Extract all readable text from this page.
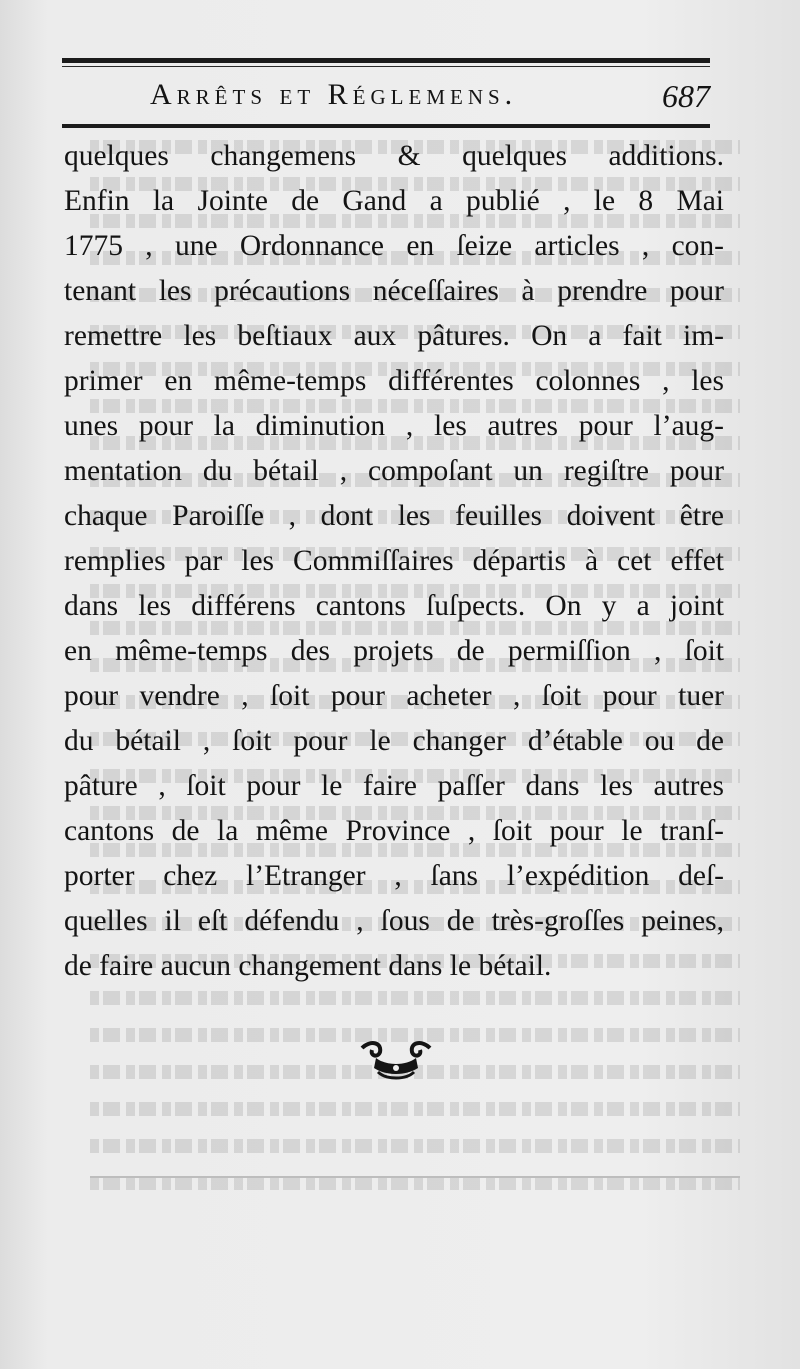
Arrêts et Réglemens.	687
quelques changemens & quelques additions.
Enfin la Jointe de Gand a publié , le 8 Mai
1775 , une Ordonnance en ſeize articles , con-
tenant les précautions néceſſaires à prendre pour
remettre les beſtiaux aux pâtures. On a fait im-
primer en même-temps différentes colonnes , les
unes pour la diminution , les autres pour l’aug-
mentation du bétail , compoſant un regiſtre pour
chaque Paroiſſe , dont les feuilles doivent être
remplies par les Commiſſaires départis à cet effet
dans les différens cantons ſuſpects. On y a joint
en même-temps des projets de permiſſion , ſoit
pour vendre , ſoit pour acheter , ſoit pour tuer
du bétail , ſoit pour le changer d’étable ou de
pâture , ſoit pour le faire paſſer dans les autres
cantons de la même Province , ſoit pour le tranſ-
porter chez l’Etranger , ſans l’expédition deſ-
quelles il eſt défendu , ſous de très-groſſes peines,
de faire aucun changement dans le bétail.
